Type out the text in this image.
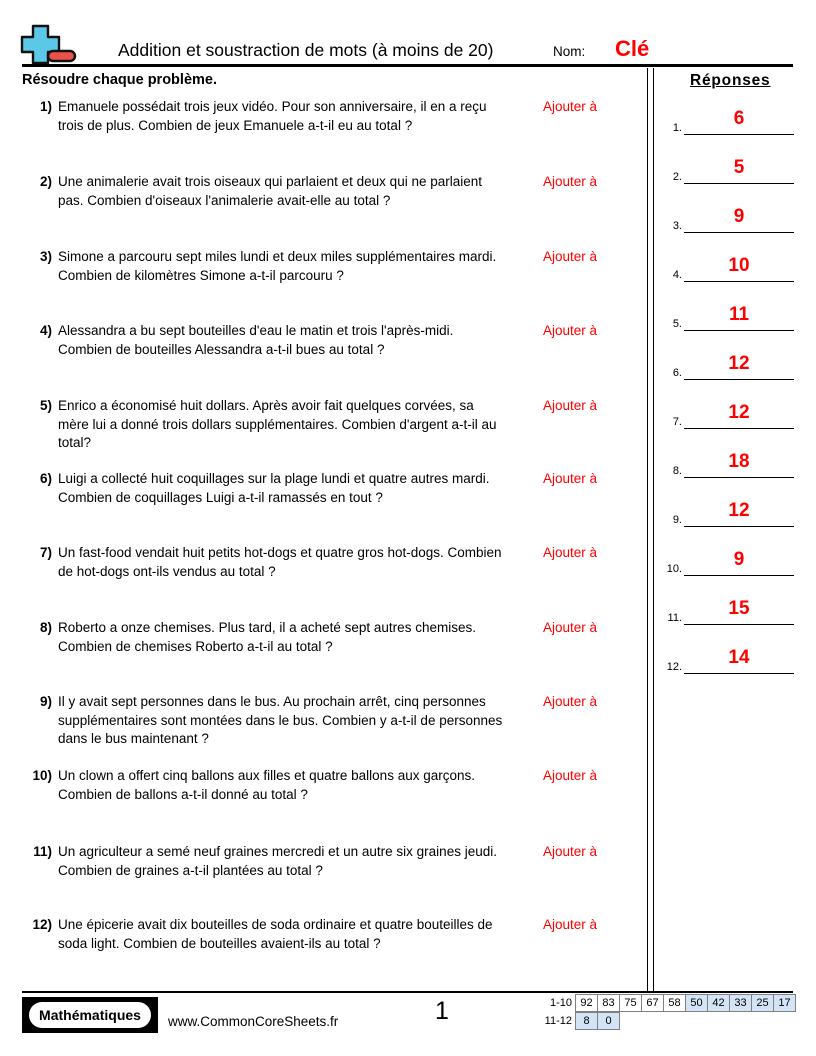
Addition et soustraction de mots (à moins de 20)	Nom: Clé
Résoudre chaque problème.
1) Emanuele possédait trois jeux vidéo. Pour son anniversaire, il en a reçu trois de plus. Combien de jeux Emanuele a-t-il eu au total ?
Ajouter à
2) Une animalerie avait trois oiseaux qui parlaient et deux qui ne parlaient pas. Combien d'oiseaux l'animalerie avait-elle au total ?
Ajouter à
3) Simone a parcouru sept miles lundi et deux miles supplémentaires mardi. Combien de kilomètres Simone a-t-il parcouru ?
Ajouter à
4) Alessandra a bu sept bouteilles d'eau le matin et trois l'après-midi. Combien de bouteilles Alessandra a-t-il bues au total ?
Ajouter à
5) Enrico a économisé huit dollars. Après avoir fait quelques corvées, sa mère lui a donné trois dollars supplémentaires. Combien d'argent a-t-il au total?
Ajouter à
6) Luigi a collecté huit coquillages sur la plage lundi et quatre autres mardi. Combien de coquillages Luigi a-t-il ramassés en tout ?
Ajouter à
7) Un fast-food vendait huit petits hot-dogs et quatre gros hot-dogs. Combien de hot-dogs ont-ils vendus au total ?
Ajouter à
8) Roberto a onze chemises. Plus tard, il a acheté sept autres chemises. Combien de chemises Roberto a-t-il au total ?
Ajouter à
9) Il y avait sept personnes dans le bus. Au prochain arrêt, cinq personnes supplémentaires sont montées dans le bus. Combien y a-t-il de personnes dans le bus maintenant ?
Ajouter à
10) Un clown a offert cinq ballons aux filles et quatre ballons aux garçons. Combien de ballons a-t-il donné au total ?
Ajouter à
11) Un agriculteur a semé neuf graines mercredi et un autre six graines jeudi. Combien de graines a-t-il plantées au total ?
Ajouter à
12) Une épicerie avait dix bouteilles de soda ordinaire et quatre bouteilles de soda light. Combien de bouteilles avaient-ils au total ?
Ajouter à
Réponses
Mathématiques www.CommonCoreSheets.fr	1	1-10 92 83 75 67 58 50 42 33 25 17
11-12	8	0
1.	6
2.	5
3.	9
4.	10
5.	11
6.	12
7.	12
8.	18
9.	12
10.	9
11.	15
12.	14
